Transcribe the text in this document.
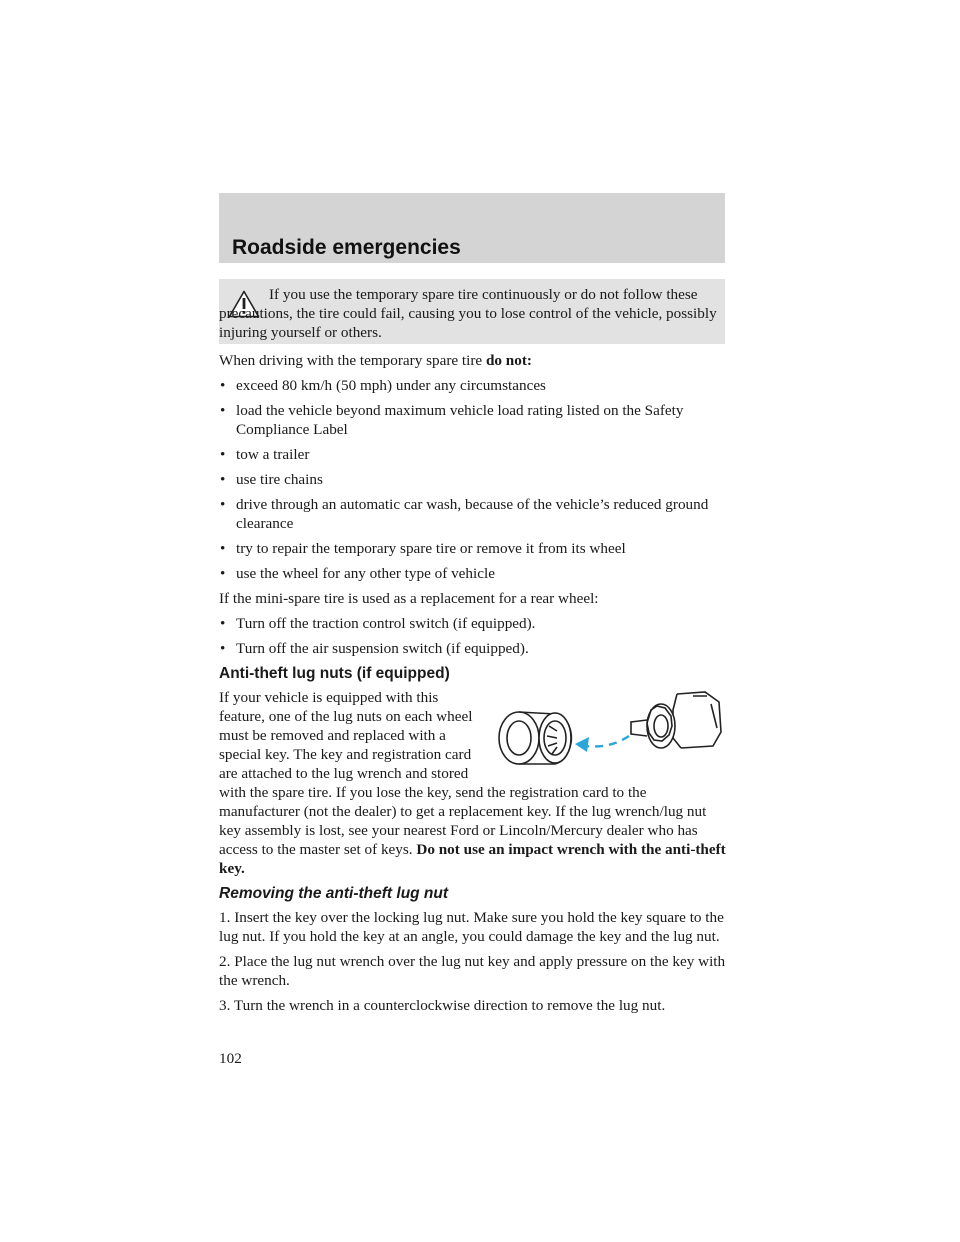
Roadside emergencies

If you use the temporary spare tire continuously or do not follow these precautions, the tire could fail, causing you to lose control of the vehicle, possibly injuring yourself or others.

When driving with the temporary spare tire do not:

• exceed 80 km/h (50 mph) under any circumstances
• load the vehicle beyond maximum vehicle load rating listed on the Safety Compliance Label
• tow a trailer
• use tire chains
• drive through an automatic car wash, because of the vehicle’s reduced ground clearance
• try to repair the temporary spare tire or remove it from its wheel
• use the wheel for any other type of vehicle

If the mini-spare tire is used as a replacement for a rear wheel:

• Turn off the traction control switch (if equipped).
• Turn off the air suspension switch (if equipped).
Anti-theft lug nuts (if equipped)

If your vehicle is equipped with this feature, one of the lug nuts on each wheel must be removed and replaced with a special key. The key and registration card are attached to the lug wrench and stored with the spare tire. If you lose the key, send the registration card to the manufacturer (not the dealer) to get a replacement key. If the lug wrench/lug nut key assembly is lost, see your nearest Ford or Lincoln/Mercury dealer who has access to the master set of keys. Do not use an impact wrench with the anti-theft key.

Removing the anti-theft lug nut

1. Insert the key over the locking lug nut. Make sure you hold the key square to the lug nut. If you hold the key at an angle, you could damage the key and the lug nut.

2. Place the lug nut wrench over the lug nut key and apply pressure on the key with the wrench.

3. Turn the wrench in a counterclockwise direction to remove the lug nut.

102
